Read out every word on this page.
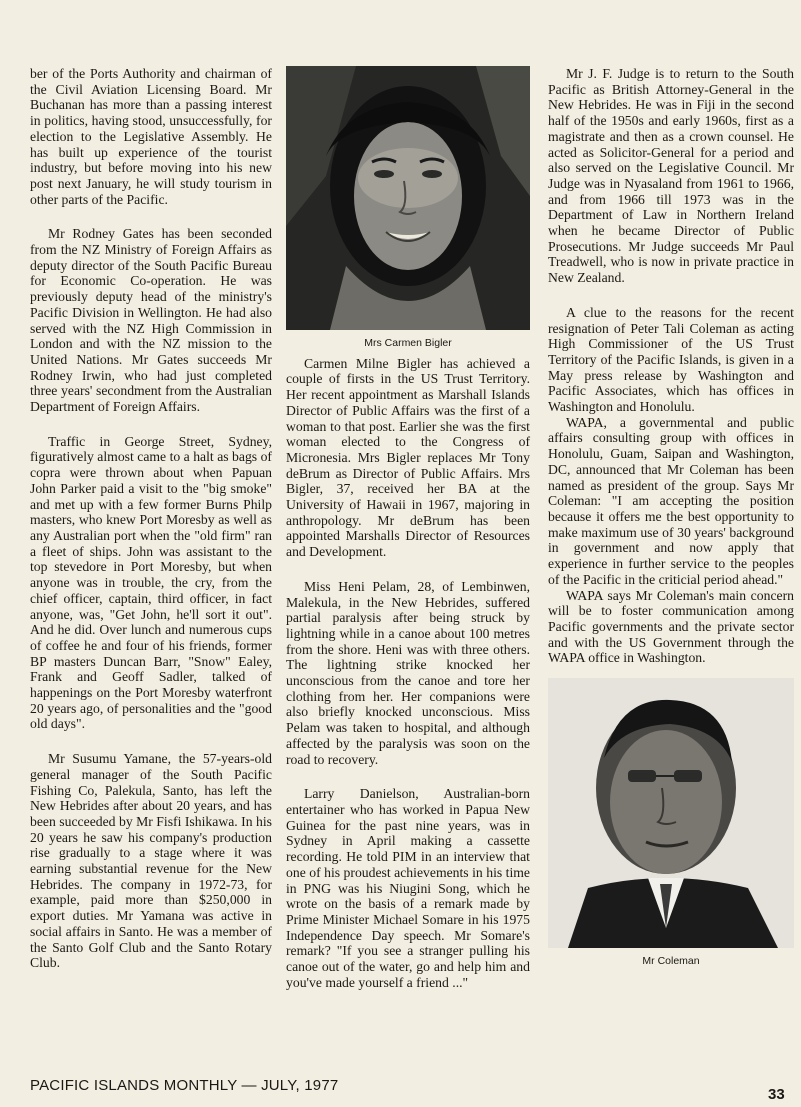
ber of the Ports Authority and chairman of the Civil Aviation Licensing Board. Mr Buchanan has more than a passing interest in politics, having stood, unsuccessfully, for election to the Legislative Assembly. He has built up experience of the tourist industry, but before moving into his new post next January, he will study tourism in other parts of the Pacific.

Mr Rodney Gates has been seconded from the NZ Ministry of Foreign Affairs as deputy director of the South Pacific Bureau for Economic Co-operation. He was previously deputy head of the ministry's Pacific Division in Wellington. He had also served with the NZ High Commission in London and with the NZ mission to the United Nations. Mr Gates succeeds Mr Rodney Irwin, who had just completed three years' secondment from the Australian Department of Foreign Affairs.

Traffic in George Street, Sydney, figuratively almost came to a halt as bags of copra were thrown about when Papuan John Parker paid a visit to the "big smoke" and met up with a few former Burns Philp masters, who knew Port Moresby as well as any Australian port when the "old firm" ran a fleet of ships. John was assistant to the top stevedore in Port Moresby, but when anyone was in trouble, the cry, from the chief officer, captain, third officer, in fact anyone, was, "Get John, he'll sort it out". And he did. Over lunch and numerous cups of coffee he and four of his friends, former BP masters Duncan Barr, "Snow" Ealey, Frank and Geoff Sadler, talked of happenings on the Port Moresby waterfront 20 years ago, of personalities and the "good old days".

Mr Susumu Yamane, the 57-years-old general manager of the South Pacific Fishing Co, Palekula, Santo, has left the New Hebrides after about 20 years, and has been succeeded by Mr Fisfi Ishikawa. In his 20 years he saw his company's production rise gradually to a stage where it was earning substantial revenue for the New Hebrides. The company in 1972-73, for example, paid more than $250,000 in export duties. Mr Yamana was active in social affairs in Santo. He was a member of the Santo Golf Club and the Santo Rotary Club.

Mrs Carmen Bigler

Carmen Milne Bigler has achieved a couple of firsts in the US Trust Territory. Her recent appointment as Marshall Islands Director of Public Affairs was the first of a woman to that post. Earlier she was the first woman elected to the Congress of Micronesia. Mrs Bigler replaces Mr Tony deBrum as Director of Public Affairs. Mrs Bigler, 37, received her BA at the University of Hawaii in 1967, majoring in anthropology. Mr deBrum has been appointed Marshalls Director of Resources and Development.

Miss Heni Pelam, 28, of Lembinwen, Malekula, in the New Hebrides, suffered partial paralysis after being struck by lightning while in a canoe about 100 metres from the shore. Heni was with three others. The lightning strike knocked her unconscious from the canoe and tore her clothing from her. Her companions were also briefly knocked unconscious. Miss Pelam was taken to hospital, and although affected by the paralysis was soon on the road to recovery.

Larry Danielson, Australian-born entertainer who has worked in Papua New Guinea for the past nine years, was in Sydney in April making a cassette recording. He told PIM in an interview that one of his proudest achievements in his time in PNG was his Niugini Song, which he wrote on the basis of a remark made by Prime Minister Michael Somare in his 1975 Independence Day speech. Mr Somare's remark? "If you see a stranger pulling his canoe out of the water, go and help him and you've made yourself a friend ..."

Mr J. F. Judge is to return to the South Pacific as British Attorney-General in the New Hebrides. He was in Fiji in the second half of the 1950s and early 1960s, first as a magistrate and then as a crown counsel. He acted as Solicitor-General for a period and also served on the Legislative Council. Mr Judge was in Nyasaland from 1961 to 1966, and from 1966 till 1973 was in the Department of Law in Northern Ireland when he became Director of Public Prosecutions. Mr Judge succeeds Mr Paul Treadwell, who is now in private practice in New Zealand.

A clue to the reasons for the recent resignation of Peter Tali Coleman as acting High Commissioner of the US Trust Territory of the Pacific Islands, is given in a May press release by Washington and Pacific Associates, which has offices in Washington and Honolulu.

WAPA, a governmental and public affairs consulting group with offices in Honolulu, Guam, Saipan and Washington, DC, announced that Mr Coleman has been named as president of the group. Says Mr Coleman: "I am accepting the position because it offers me the best opportunity to make maximum use of 30 years' background in government and now apply that experience in further service to the peoples of the Pacific in the criticial period ahead."

WAPA says Mr Coleman's main concern will be to foster communication among Pacific governments and the private sector and with the US Government through the WAPA office in Washington.

Mr Coleman
PACIFIC ISLANDS MONTHLY — JULY, 1977
33
